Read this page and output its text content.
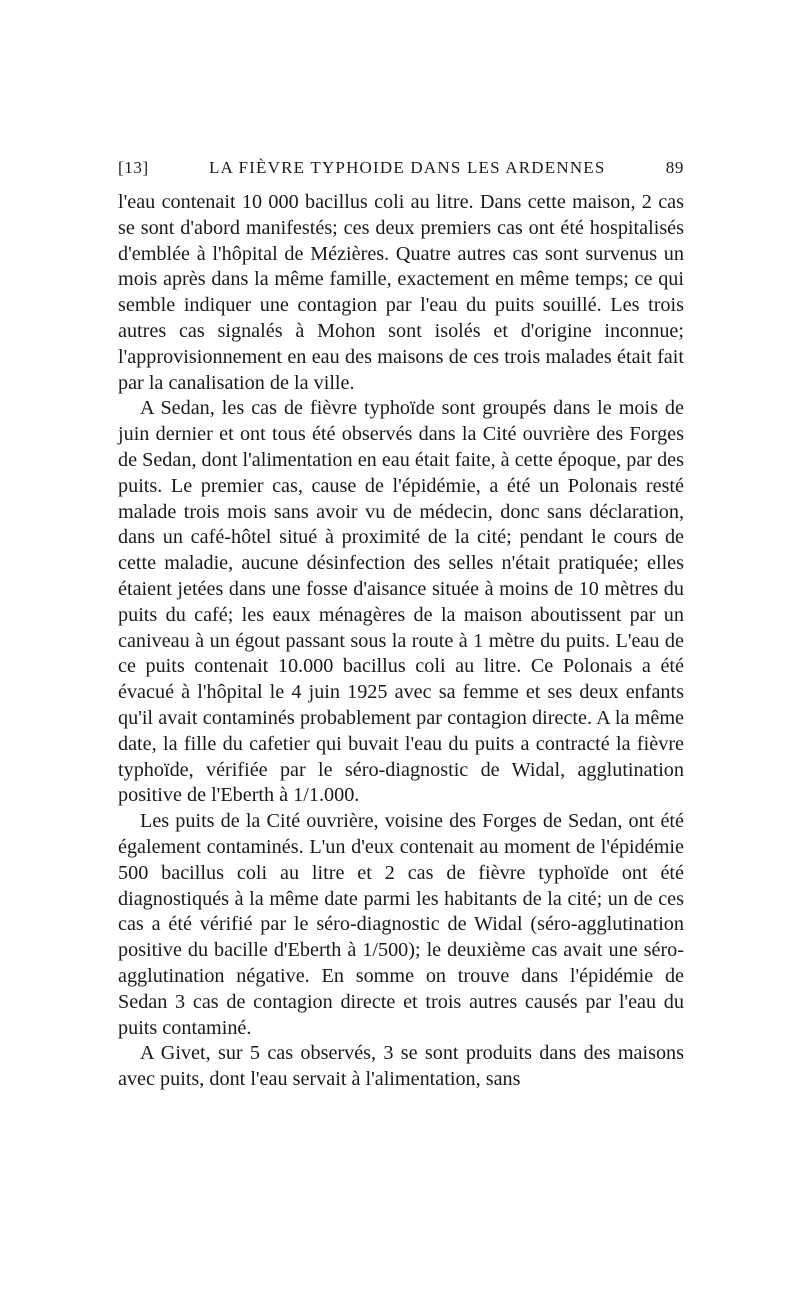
[13]	LA FIÈVRE TYPHOIDE DANS LES ARDENNES	89

l'eau contenait 10 000 bacillus coli au litre. Dans cette maison, 2 cas se sont d'abord manifestés; ces deux premiers cas ont été hospitalisés d'emblée à l'hôpital de Mézières. Quatre autres cas sont survenus un mois après dans la même famille, exactement en même temps; ce qui semble indiquer une contagion par l'eau du puits souillé. Les trois autres cas signalés à Mohon sont isolés et d'origine inconnue; l'approvisionnement en eau des maisons de ces trois malades était fait par la canalisation de la ville.

A Sedan, les cas de fièvre typhoïde sont groupés dans le mois de juin dernier et ont tous été observés dans la Cité ouvrière des Forges de Sedan, dont l'alimentation en eau était faite, à cette époque, par des puits. Le premier cas, cause de l'épidémie, a été un Polonais resté malade trois mois sans avoir vu de médecin, donc sans déclaration, dans un café-hôtel situé à proximité de la cité; pendant le cours de cette maladie, aucune désinfection des selles n'était pratiquée; elles étaient jetées dans une fosse d'aisance située à moins de 10 mètres du puits du café; les eaux ménagères de la maison aboutissent par un caniveau à un égout passant sous la route à 1 mètre du puits. L'eau de ce puits contenait 10.000 bacillus coli au litre. Ce Polonais a été évacué à l'hôpital le 4 juin 1925 avec sa femme et ses deux enfants qu'il avait contaminés probablement par contagion directe. A la même date, la fille du cafetier qui buvait l'eau du puits a contracté la fièvre typhoïde, vérifiée par le séro-diagnostic de Widal, agglutination positive de l'Eberth à 1/1.000.

Les puits de la Cité ouvrière, voisine des Forges de Sedan, ont été également contaminés. L'un d'eux contenait au moment de l'épidémie 500 bacillus coli au litre et 2 cas de fièvre typhoïde ont été diagnostiqués à la même date parmi les habitants de la cité; un de ces cas a été vérifié par le séro-diagnostic de Widal (séro-agglutination positive du bacille d'Eberth à 1/500); le deuxième cas avait une séro-agglutination négative. En somme on trouve dans l'épidémie de Sedan 3 cas de contagion directe et trois autres causés par l'eau du puits contaminé.

A Givet, sur 5 cas observés, 3 se sont produits dans des maisons avec puits, dont l'eau servait à l'alimentation, sans
